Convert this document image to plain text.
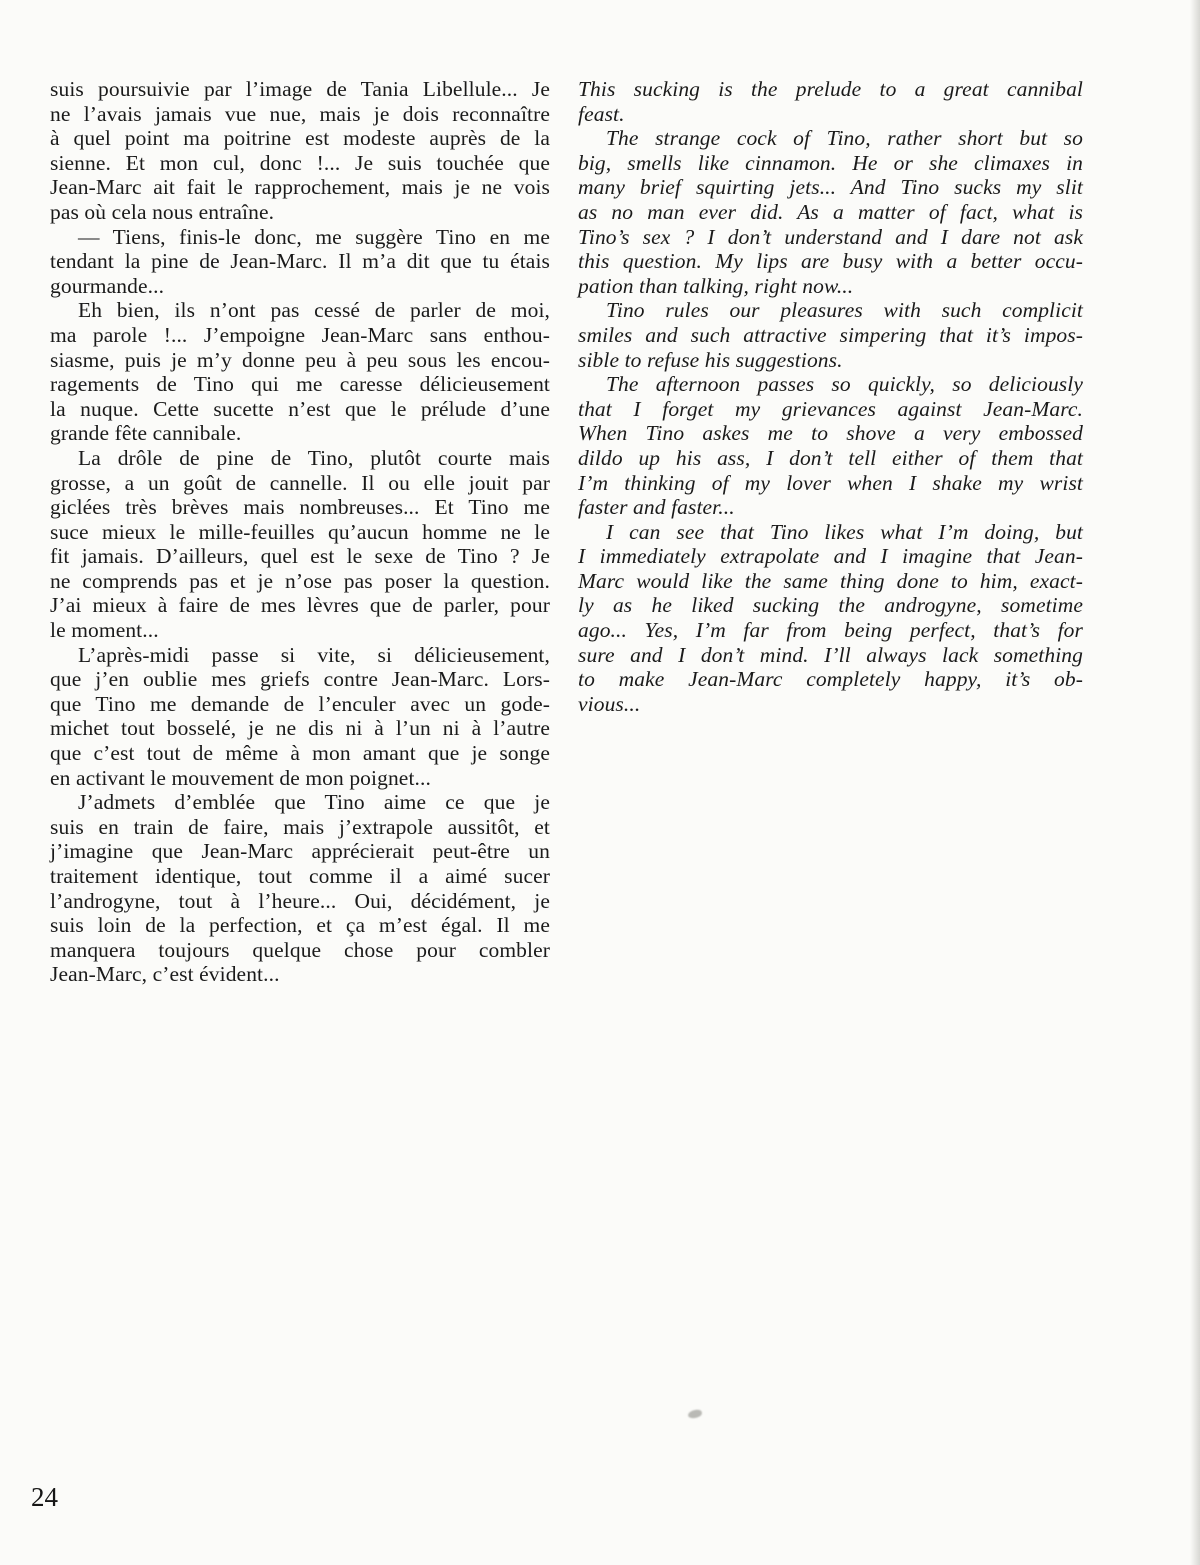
suis poursuivie par l’image de Tania Libellule... Je
ne l’avais jamais vue nue, mais je dois reconnaître
à quel point ma poitrine est modeste auprès de la
sienne. Et mon cul, donc !... Je suis touchée que
Jean-Marc ait fait le rapprochement, mais je ne vois
pas où cela nous entraîne.
— Tiens, finis-le donc, me suggère Tino en me
tendant la pine de Jean-Marc. Il m’a dit que tu étais
gourmande...
Eh bien, ils n’ont pas cessé de parler de moi,
ma parole !... J’empoigne Jean-Marc sans enthou-
siasme, puis je m’y donne peu à peu sous les encou-
ragements de Tino qui me caresse délicieusement
la nuque. Cette sucette n’est que le prélude d’une
grande fête cannibale.
La drôle de pine de Tino, plutôt courte mais
grosse, a un goût de cannelle. Il ou elle jouit par
giclées très brèves mais nombreuses... Et Tino me
suce mieux le mille-feuilles qu’aucun homme ne le
fit jamais. D’ailleurs, quel est le sexe de Tino ? Je
ne comprends pas et je n’ose pas poser la question.
J’ai mieux à faire de mes lèvres que de parler, pour
le moment...
L’après-midi passe si vite, si délicieusement,
que j’en oublie mes griefs contre Jean-Marc. Lors-
que Tino me demande de l’enculer avec un gode-
michet tout bosselé, je ne dis ni à l’un ni à l’autre
que c’est tout de même à mon amant que je songe
en activant le mouvement de mon poignet...
J’admets d’emblée que Tino aime ce que je
suis en train de faire, mais j’extrapole aussitôt, et
j’imagine que Jean-Marc apprécierait peut-être un
traitement identique, tout comme il a aimé sucer
l’androgyne, tout à l’heure... Oui, décidément, je
suis loin de la perfection, et ça m’est égal. Il me
manquera toujours quelque chose pour combler
Jean-Marc, c’est évident...
This sucking is the prelude to a great cannibal
feast.
The strange cock of Tino, rather short but so
big, smells like cinnamon. He or she climaxes in
many brief squirting jets... And Tino sucks my slit
as no man ever did. As a matter of fact, what is
Tino’s sex ? I don’t understand and I dare not ask
this question. My lips are busy with a better occu-
pation than talking, right now...
Tino rules our pleasures with such complicit
smiles and such attractive simpering that it’s impos-
sible to refuse his suggestions.
The afternoon passes so quickly, so deliciously
that I forget my grievances against Jean-Marc.
When Tino askes me to shove a very embossed
dildo up his ass, I don’t tell either of them that
I’m thinking of my lover when I shake my wrist
faster and faster...
I can see that Tino likes what I’m doing, but
I immediately extrapolate and I imagine that Jean-
Marc would like the same thing done to him, exact-
ly as he liked sucking the androgyne, sometime
ago... Yes, I’m far from being perfect, that’s for
sure and I don’t mind. I’ll always lack something
to make Jean-Marc completely happy, it’s ob-
vious...
24
